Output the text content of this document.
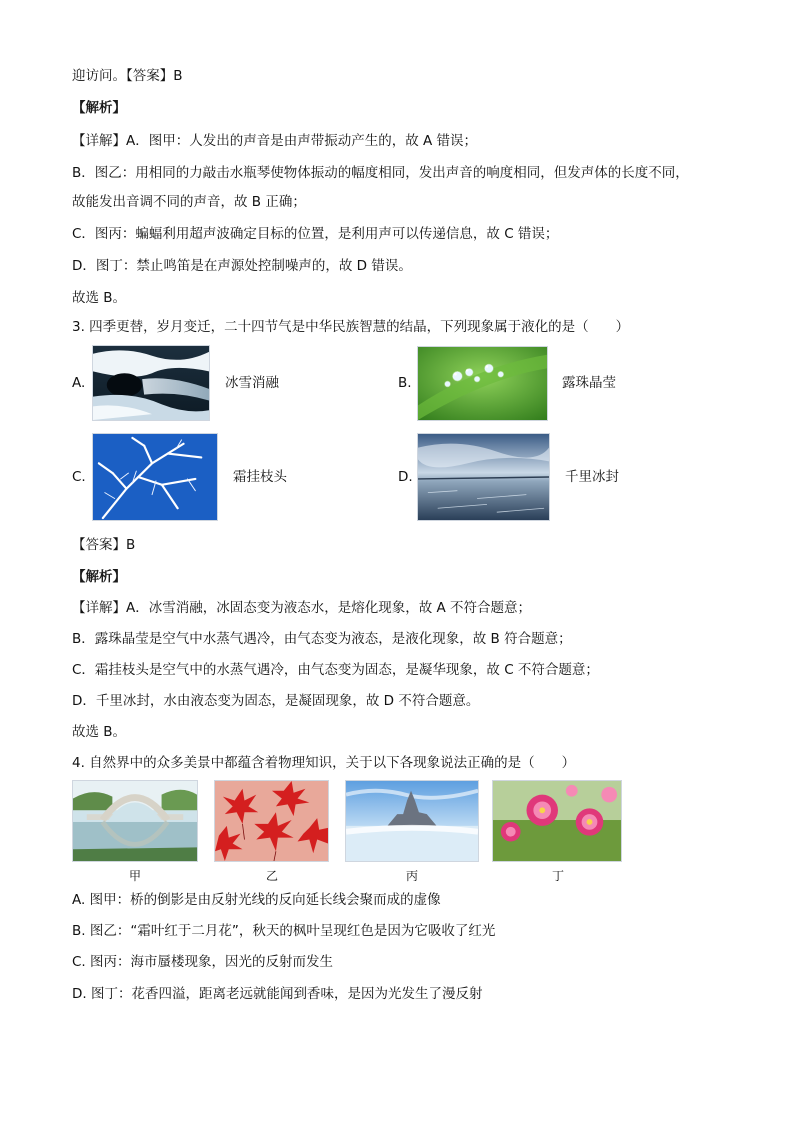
迎访问。【答案】B
【解析】
【详解】A．图甲：人发出的声音是由声带振动产生的，故 A 错误；
B．图乙：用相同的力敲击水瓶琴使物体振动的幅度相同，发出声音的响度相同，但发声体的长度不同，
故能发出音调不同的声音，故 B 正确；
C．图丙：蝙蝠利用超声波确定目标的位置，是利用声可以传递信息，故 C 错误；
D．图丁：禁止鸣笛是在声源处控制噪声的，故 D 错误。
故选 B。
3. 四季更替，岁月变迁，二十四节气是中华民族智慧的结晶，下列现象属于液化的是（　　）
A.	冰雪消融	B.	露珠晶莹
C.	霜挂枝头	D.	千里冰封
【答案】B
【解析】
【详解】A．冰雪消融，冰固态变为液态水，是熔化现象，故 A 不符合题意；
B．露珠晶莹是空气中水蒸气遇冷，由气态变为液态，是液化现象，故 B 符合题意；
C．霜挂枝头是空气中的水蒸气遇冷，由气态变为固态，是凝华现象，故 C 不符合题意；
D．千里冰封，水由液态变为固态，是凝固现象，故 D 不符合题意。
故选 B。
4. 自然界中的众多美景中都蕴含着物理知识，关于以下各现象说法正确的是（　　）
甲	乙	丙	丁
A. 图甲：桥的倒影是由反射光线的反向延长线会聚而成的虚像
B. 图乙：“霜叶红于二月花”，秋天的枫叶呈现红色是因为它吸收了红光
C. 图丙：海市蜃楼现象，因光的反射而发生
D. 图丁：花香四溢，距离老远就能闻到香味，是因为光发生了漫反射
